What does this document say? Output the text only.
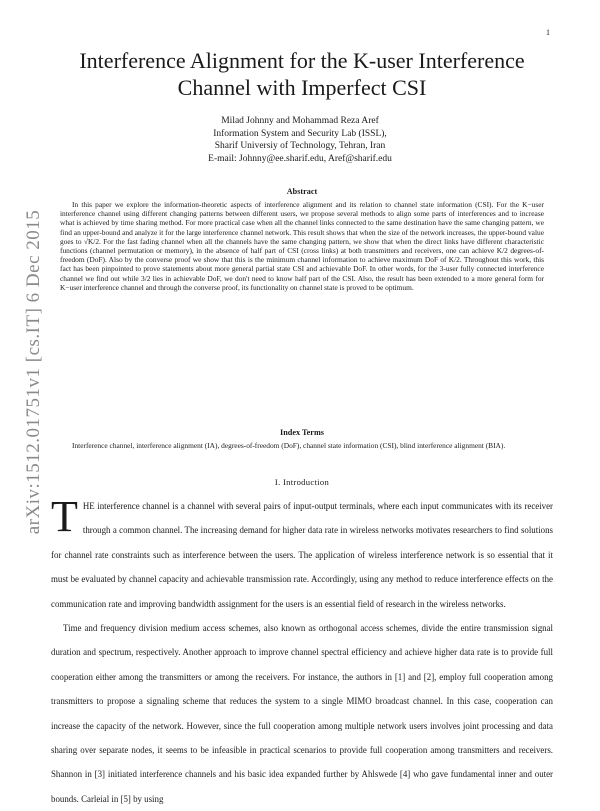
1
arXiv:1512.01751v1 [cs.IT] 6 Dec 2015
Interference Alignment for the K-user Interference Channel with Imperfect CSI
Milad Johnny and Mohammad Reza Aref
Information System and Security Lab (ISSL),
Sharif Universiy of Technology, Tehran, Iran
E-mail: Johnny@ee.sharif.edu, Aref@sharif.edu
Abstract
In this paper we explore the information-theoretic aspects of interference alignment and its relation to channel state information (CSI). For the K−user interference channel using different changing patterns between different users, we propose several methods to align some parts of interferences and to increase what is achieved by time sharing method. For more practical case when all the channel links connected to the same destination have the same changing pattern, we find an upper-bound and analyze it for the large interference channel network. This result shows that when the size of the network increases, the upper-bound value goes to √K/2. For the fast fading channel when all the channels have the same changing pattern, we show that when the direct links have different characteristic functions (channel permutation or memory), in the absence of half part of CSI (cross links) at both transmitters and receivers, one can achieve K/2 degrees-of-freedom (DoF). Also by the converse proof we show that this is the minimum channel information to achieve maximum DoF of K/2. Throughout this work, this fact has been pinpointed to prove statements about more general partial state CSI and achievable DoF. In other words, for the 3-user fully connected interference channel we find out while 3/2 lies in achievable DoF, we don't need to know half part of the CSI. Also, the result has been extended to a more general form for K−user interference channel and through the converse proof, its functionality on channel state is proved to be optimum.
Index Terms
Interference channel, interference alignment (IA), degrees-of-freedom (DoF), channel state information (CSI), blind interference alignment (BIA).
I. Introduction

THE interference channel is a channel with several pairs of input-output terminals, where each input communicates with its receiver through a common channel. The increasing demand for higher data rate in wireless networks motivates researchers to find solutions for channel rate constraints such as interference between the users. The application of wireless interference network is so essential that it must be evaluated by channel capacity and achievable transmission rate. Accordingly, using any method to reduce interference effects on the communication rate and improving bandwidth assignment for the users is an essential field of research in the wireless networks.

Time and frequency division medium access schemes, also known as orthogonal access schemes, divide the entire transmission signal duration and spectrum, respectively. Another approach to improve channel spectral efficiency and achieve higher data rate is to provide full cooperation either among the transmitters or among the receivers. For instance, the authors in [1] and [2], employ full cooperation among transmitters to propose a signaling scheme that reduces the system to a single MIMO broadcast channel. In this case, cooperation can increase the capacity of the network. However, since the full cooperation among multiple network users involves joint processing and data sharing over separate nodes, it seems to be infeasible in practical scenarios to provide full cooperation among transmitters and receivers. Shannon in [3] initiated interference channels and his basic idea expanded further by Ahlswede [4] who gave fundamental inner and outer bounds. Carleial in [5] by using
